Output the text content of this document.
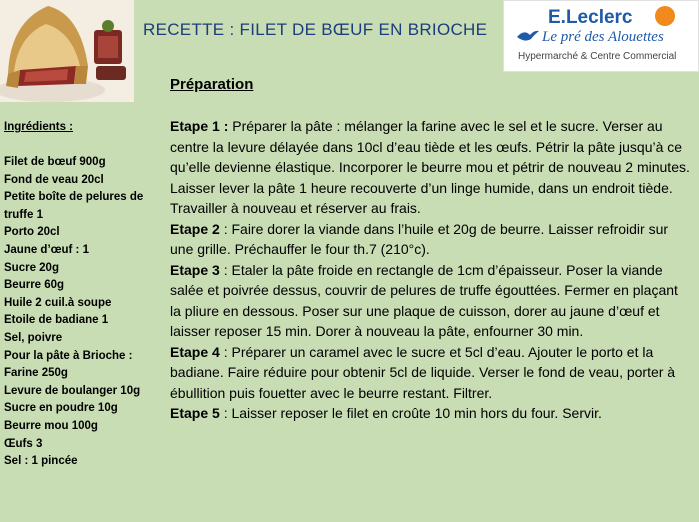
RECETTE : FILET DE BŒUF EN BRIOCHE
E.Leclerc
Le pré des Alouettes
Hypermarché & Centre Commercial
Ingrédients :
Filet de bœuf 900g
Fond de veau 20cl
Petite boîte de pelures de truffe 1
Porto 20cl
Jaune d’œuf : 1
Sucre 20g
Beurre 60g
Huile 2 cuil.à soupe
Etoile de badiane 1
Sel, poivre
Pour la pâte à Brioche :
Farine 250g
Levure de boulanger 10g
Sucre en poudre 10g
Beurre mou 100g
Œufs 3
Sel : 1 pincée
Préparation

Etape 1 : Préparer la pâte : mélanger la farine avec le sel et le sucre. Verser au centre la levure délayée dans 10cl d’eau tiède et les œufs. Pétrir la pâte jusqu’à ce qu’elle devienne élastique. Incorporer le beurre mou et pétrir de nouveau 2 minutes. Laisser lever la pâte 1 heure recouverte d’un linge humide, dans un endroit tiède. Travailler à nouveau et réserver au frais.

Etape 2 : Faire dorer la viande dans l’huile et 20g de beurre. Laisser refroidir sur une grille. Préchauffer le four th.7 (210°c).

Etape 3 : Etaler la pâte froide en rectangle de 1cm d’épaisseur. Poser la viande salée et poivrée dessus, couvrir de pelures de truffe égouttées. Fermer en plaçant la pliure en dessous. Poser sur une plaque de cuisson, dorer au jaune d’œuf et laisser reposer 15 min. Dorer à nouveau la pâte, enfourner 30 min.

Etape 4 : Préparer un caramel avec le sucre et 5cl d’eau. Ajouter le porto et la badiane. Faire réduire pour obtenir 5cl de liquide. Verser le fond de veau, porter à ébullition puis fouetter avec le beurre restant. Filtrer.

Etape 5 : Laisser reposer le filet en croûte 10 min hors du four. Servir.
